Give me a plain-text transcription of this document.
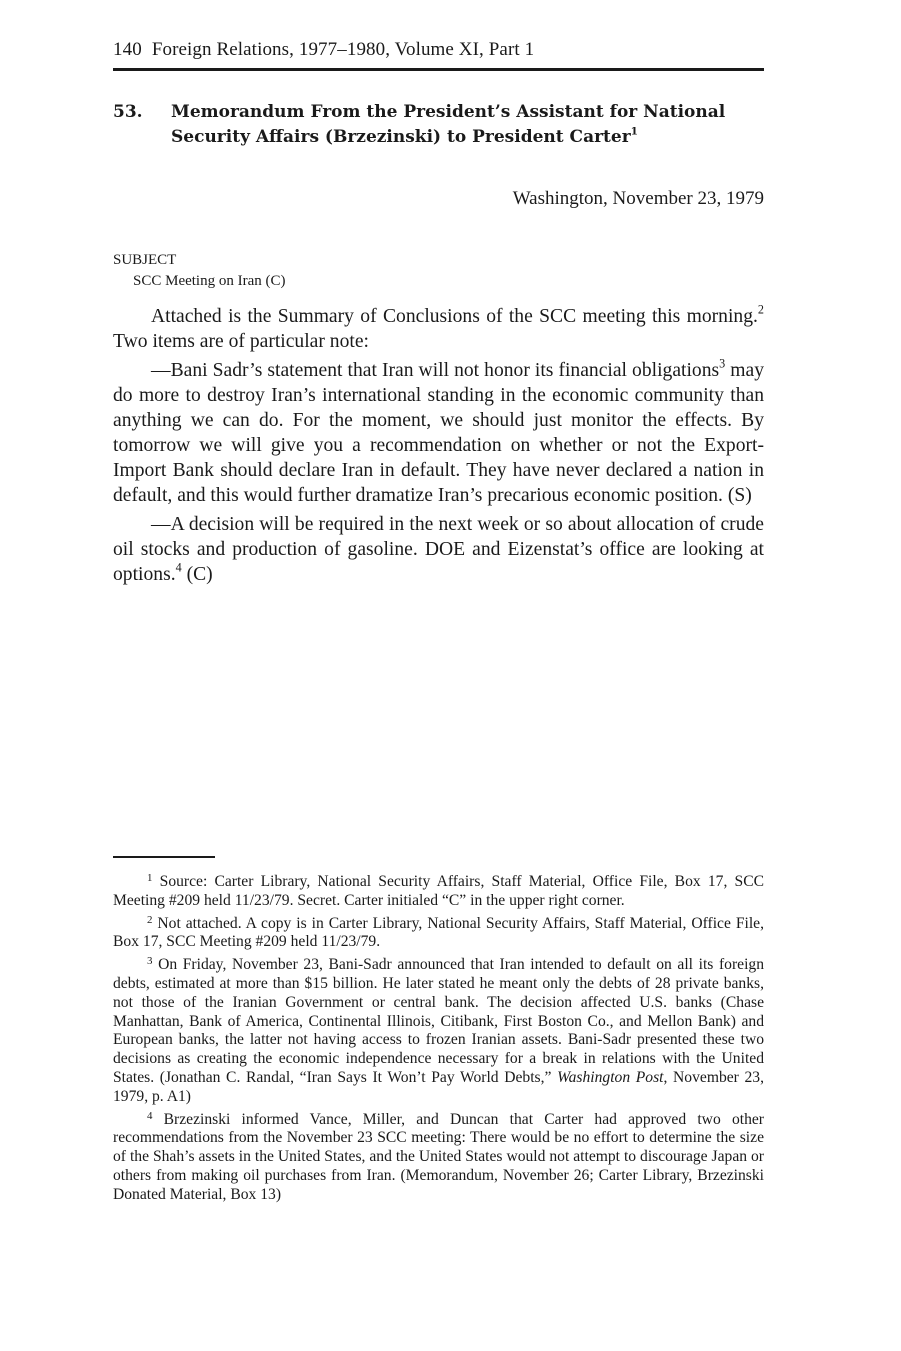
140 Foreign Relations, 1977–1980, Volume XI, Part 1
53. Memorandum From the President’s Assistant for National Security Affairs (Brzezinski) to President Carter$^1$
Washington, November 23, 1979
SUBJECT
SCC Meeting on Iran (C)

Attached is the Summary of Conclusions of the SCC meeting this morning.$^2$ Two items are of particular note:

—Bani Sadr’s statement that Iran will not honor its financial obligations$^3$ may do more to destroy Iran’s international standing in the economic community than anything we can do. For the moment, we should just monitor the effects. By tomorrow we will give you a recommendation on whether or not the Export-Import Bank should declare Iran in default. They have never declared a nation in default, and this would further dramatize Iran’s precarious economic position. (S)

—A decision will be required in the next week or so about allocation of crude oil stocks and production of gasoline. DOE and Eizenstat’s office are looking at options.$^4$ (C)

$^1$ Source: Carter Library, National Security Affairs, Staff Material, Office File, Box 17, SCC Meeting #209 held 11/23/79. Secret. Carter initialed “C” in the upper right corner.

$^2$ Not attached. A copy is in Carter Library, National Security Affairs, Staff Material, Office File, Box 17, SCC Meeting #209 held 11/23/79.

$^3$ On Friday, November 23, Bani-Sadr announced that Iran intended to default on all its foreign debts, estimated at more than $15 billion. He later stated he meant only the debts of 28 private banks, not those of the Iranian Government or central bank. The decision affected U.S. banks (Chase Manhattan, Bank of America, Continental Illinois, Citibank, First Boston Co., and Mellon Bank) and European banks, the latter not having access to frozen Iranian assets. Bani-Sadr presented these two decisions as creating the economic independence necessary for a break in relations with the United States. (Jonathan C. Randal, “Iran Says It Won’t Pay World Debts,” Washington Post, November 23, 1979, p. A1)

$^4$ Brzezinski informed Vance, Miller, and Duncan that Carter had approved two other recommendations from the November 23 SCC meeting: There would be no effort to determine the size of the Shah’s assets in the United States, and the United States would not attempt to discourage Japan or others from making oil purchases from Iran. (Memorandum, November 26; Carter Library, Brzezinski Donated Material, Box 13)
